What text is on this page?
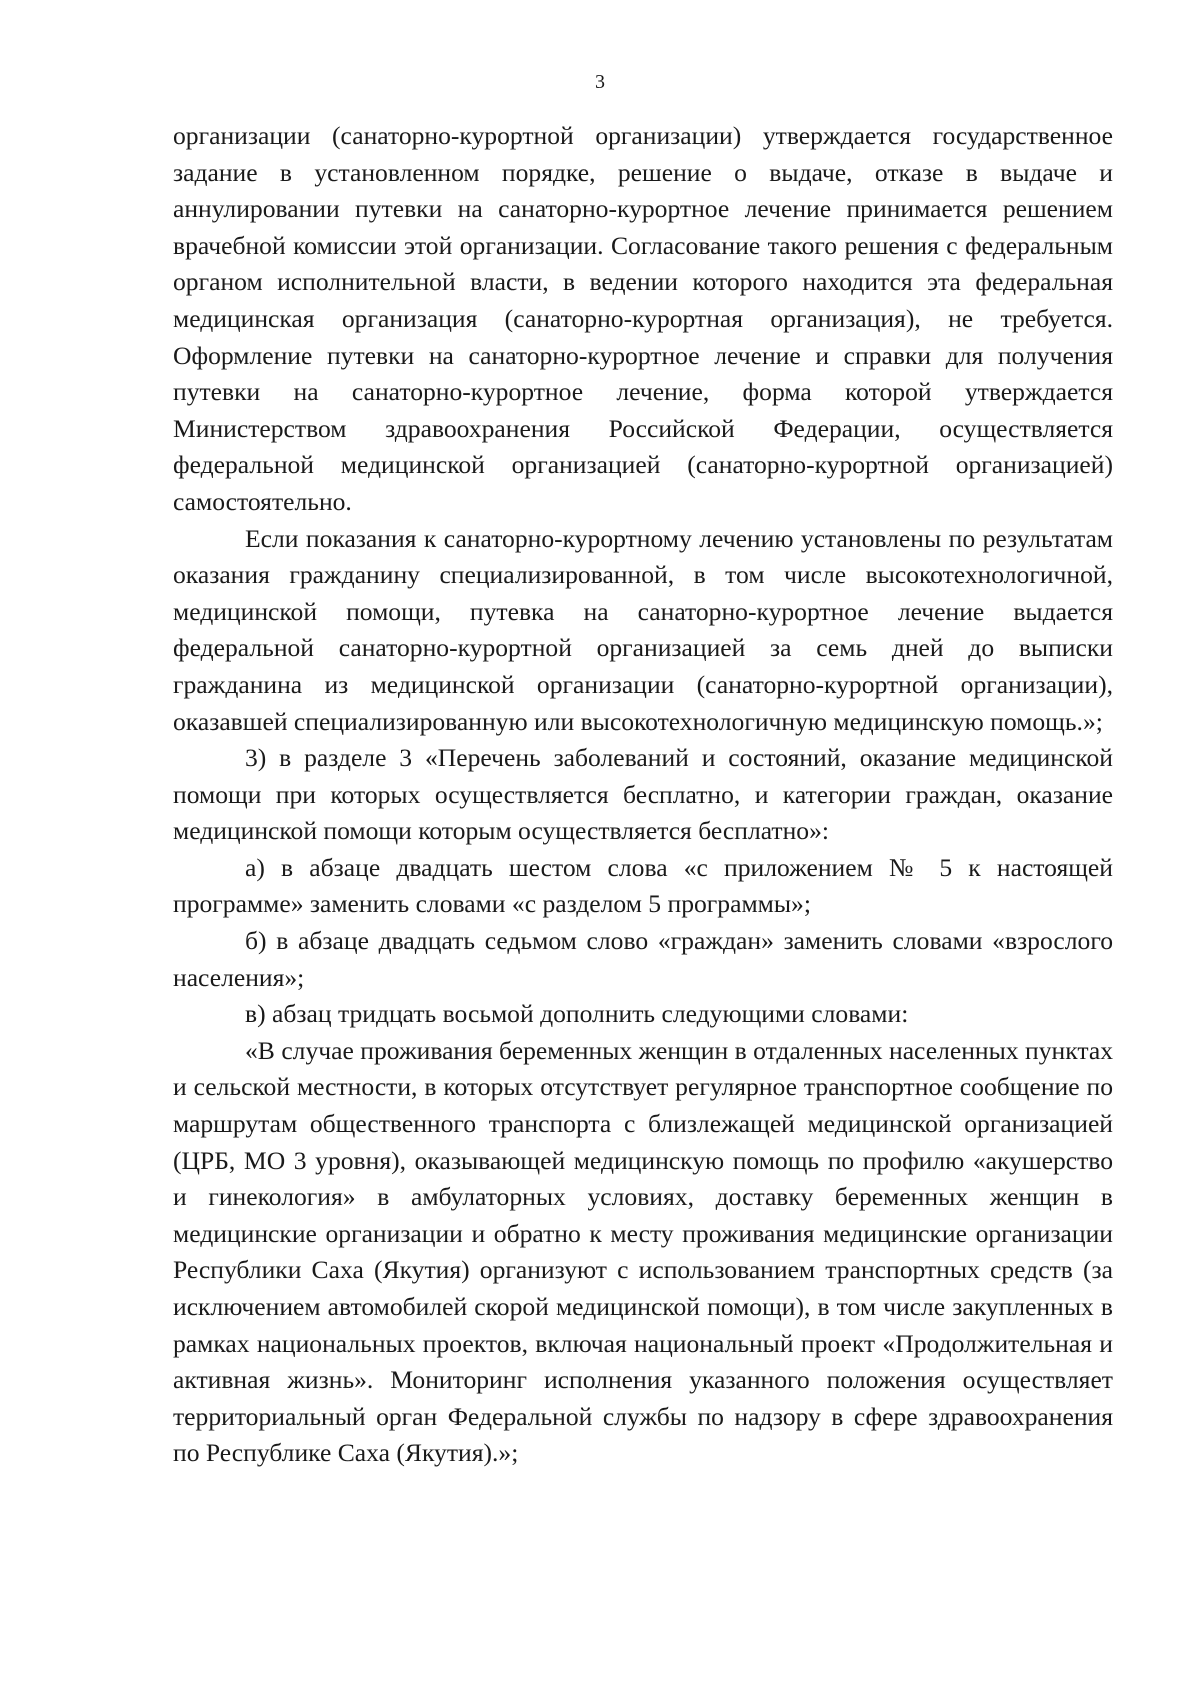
3

организации (санаторно-курортной организации) утверждается государственное задание в установленном порядке, решение о выдаче, отказе в выдаче и аннулировании путевки на санаторно-курортное лечение принимается решением врачебной комиссии этой организации. Согласование такого решения с федеральным органом исполнительной власти, в ведении которого находится эта федеральная медицинская организация (санаторно-курортная организация), не требуется. Оформление путевки на санаторно-курортное лечение и справки для получения путевки на санаторно-курортное лечение, форма которой утверждается Министерством здравоохранения Российской Федерации, осуществляется федеральной медицинской организацией (санаторно-курортной организацией) самостоятельно.

Если показания к санаторно-курортному лечению установлены по результатам оказания гражданину специализированной, в том числе высокотехнологичной, медицинской помощи, путевка на санаторно-курортное лечение выдается федеральной санаторно-курортной организацией за семь дней до выписки гражданина из медицинской организации (санаторно-курортной организации), оказавшей специализированную или высокотехнологичную медицинскую помощь.»;

3) в разделе 3 «Перечень заболеваний и состояний, оказание медицинской помощи при которых осуществляется бесплатно, и категории граждан, оказание медицинской помощи которым осуществляется бесплатно»:

а) в абзаце двадцать шестом слова «с приложением № 5 к настоящей программе» заменить словами «с разделом 5 программы»;

б) в абзаце двадцать седьмом слово «граждан» заменить словами «взрослого населения»;

в) абзац тридцать восьмой дополнить следующими словами:

«В случае проживания беременных женщин в отдаленных населенных пунктах и сельской местности, в которых отсутствует регулярное транспортное сообщение по маршрутам общественного транспорта с близлежащей медицинской организацией (ЦРБ, МО 3 уровня), оказывающей медицинскую помощь по профилю «акушерство и гинекология» в амбулаторных условиях, доставку беременных женщин в медицинские организации и обратно к месту проживания медицинские организации Республики Саха (Якутия) организуют с использованием транспортных средств (за исключением автомобилей скорой медицинской помощи), в том числе закупленных в рамках национальных проектов, включая национальный проект «Продолжительная и активная жизнь». Мониторинг исполнения указанного положения осуществляет территориальный орган Федеральной службы по надзору в сфере здравоохранения по Республике Саха (Якутия).»;
